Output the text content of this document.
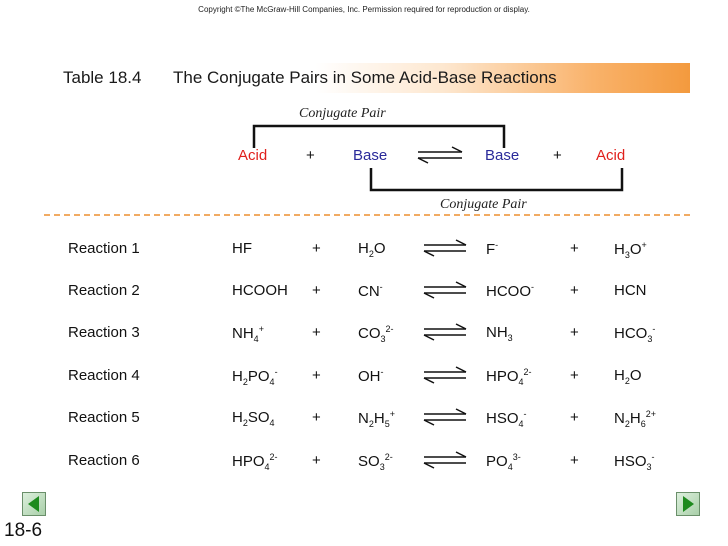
Copyright ©The McGraw-Hill Companies, Inc. Permission required for reproduction or display.
Table 18.4 The Conjugate Pairs in Some Acid-Base Reactions
Conjugate Pair
Conjugate Pair
Acid	+	Base	Base + Acid
Reaction 1	HF	+ $H_2O$	F-	+ $H_3O^+$
Reaction 2	HCOOH + CN-	HCOO- + HCN
Reaction 3	$NH_4^+$	+ $CO_3^{2-}$	$NH_3$	+ $HCO_3^-$
Reaction 4	$H_2PO_4^- + OH^-$	$HPO_4^{2-}$	+ $H_2O$
Reaction 5	$H_2SO_4 + N_2H_5^+$	$HSO_4^-$	+ $N_2H_6^{2+}$
Reaction 6	$HPO_4^{2-} + SO_3^{2-}$	$PO_4^{3-}$	+ $HSO_3^-$
18-6
